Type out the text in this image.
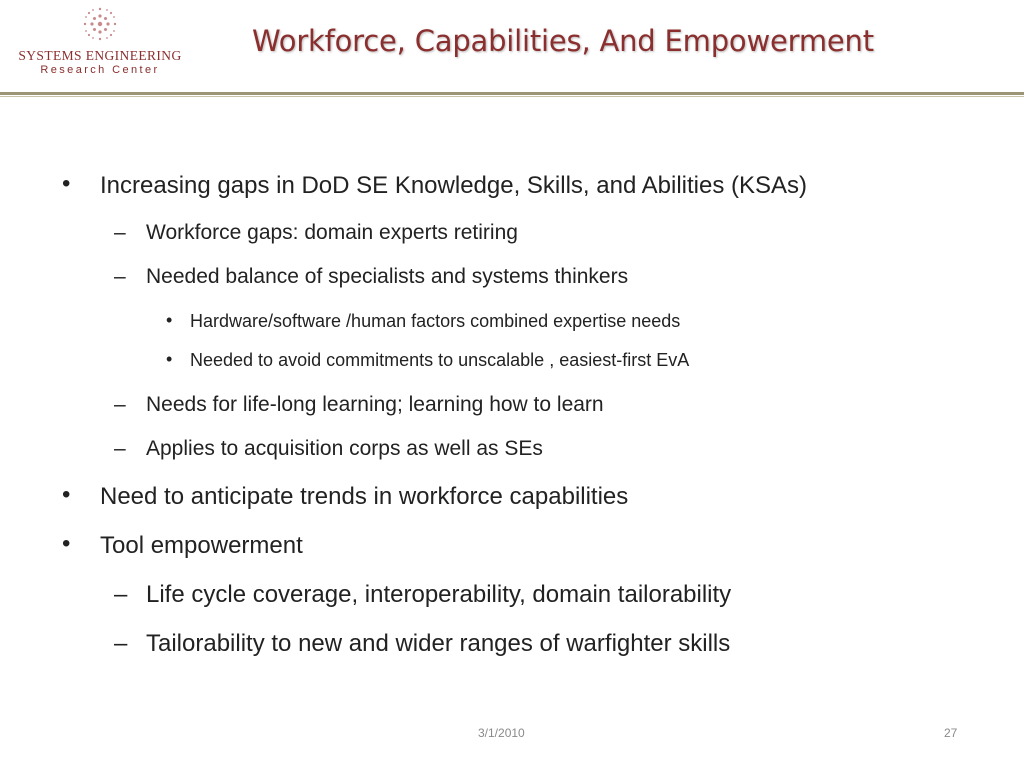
SYSTEMS ENGINEERING
Research Center
Workforce, Capabilities, And Empowerment
• Increasing gaps in DoD SE Knowledge, Skills, and Abilities (KSAs)
– Workforce gaps: domain experts retiring
– Needed balance of specialists and systems thinkers
• Hardware/software /human factors combined expertise needs
• Needed to avoid commitments to unscalable , easiest-first EvA
– Needs for life-long learning; learning how to learn
– Applies to acquisition corps as well as SEs
• Need to anticipate trends in workforce capabilities
• Tool empowerment
– Life cycle coverage, interoperability, domain tailorability
– Tailorability to new and wider ranges of warfighter skills
3/1/2010	27
